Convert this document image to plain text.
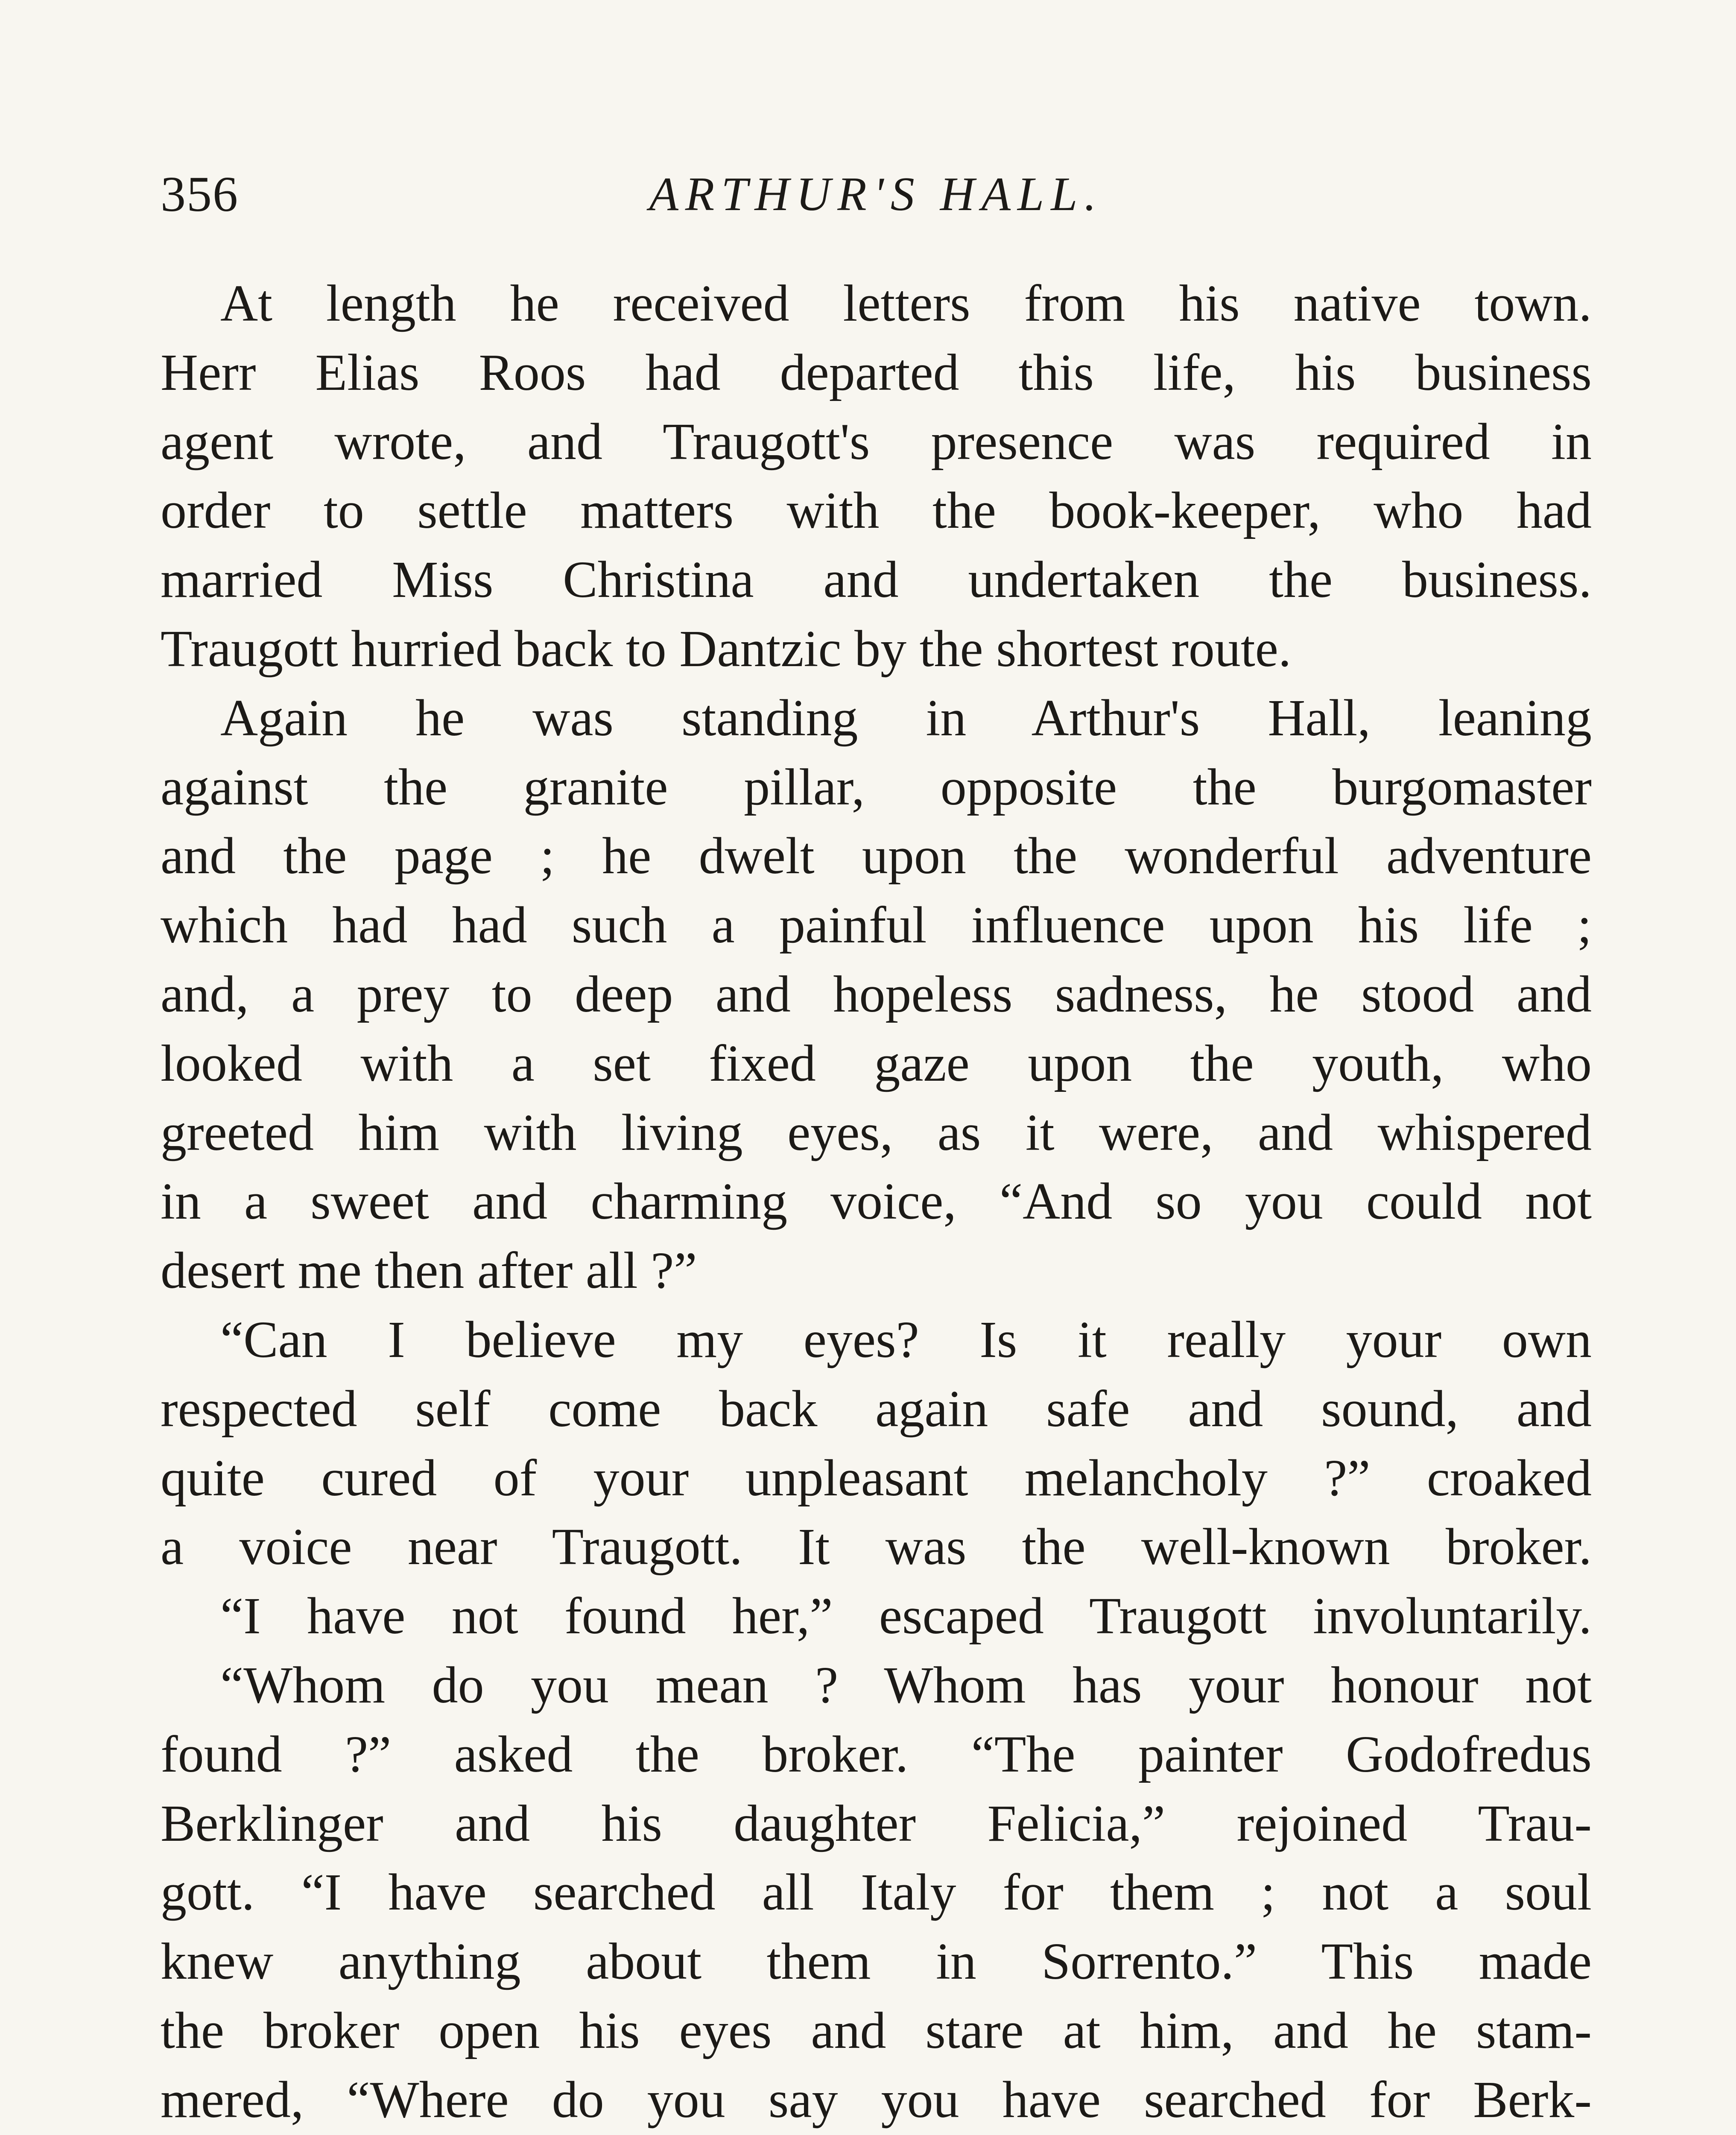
356	ARTHUR'S HALL.
At length he received letters from his native town.
Herr Elias Roos had departed this life, his business
agent wrote, and Traugott's presence was required in
order to settle matters with the book-keeper, who had
married Miss Christina and undertaken the business.
Traugott hurried back to Dantzic by the shortest route.
Again he was standing in Arthur's Hall, leaning
against the granite pillar, opposite the burgomaster
and the page ; he dwelt upon the wonderful adventure
which had had such a painful influence upon his life ;
and, a prey to deep and hopeless sadness, he stood and
looked with a set fixed gaze upon the youth, who
greeted him with living eyes, as it were, and whispered
in a sweet and charming voice, “And so you could not
desert me then after all ?”
“Can I believe my eyes? Is it really your own
respected self come back again safe and sound, and
quite cured of your unpleasant melancholy ?” croaked
a voice near Traugott. It was the well-known broker.
“I have not found her,” escaped Traugott involuntarily.
“Whom do you mean ? Whom has your honour not
found ?” asked the broker. “The painter Godofredus
Berklinger and his daughter Felicia,” rejoined Trau-
gott. “I have searched all Italy for them ; not a soul
knew anything about them in Sorrento.” This made
the broker open his eyes and stare at him, and he stam-
mered, “Where do you say you have searched for Berk-
